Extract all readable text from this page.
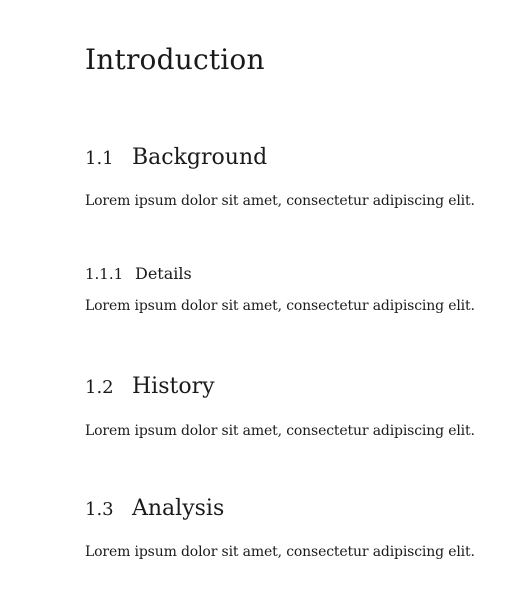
Introduction
1.1 Background

Lorem ipsum dolor sit amet, consectetur adipiscing elit.

1.1.1 Details

Lorem ipsum dolor sit amet, consectetur adipiscing elit.

1.2 History

Lorem ipsum dolor sit amet, consectetur adipiscing elit.

1.3 Analysis

Lorem ipsum dolor sit amet, consectetur adipiscing elit.
